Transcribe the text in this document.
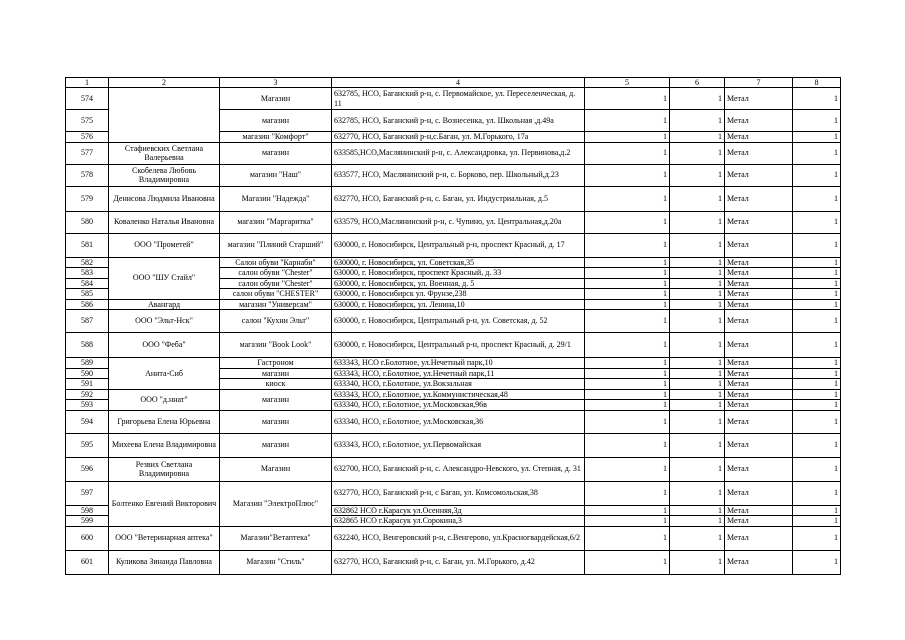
1	2	3	4	5	6	7	8
574		Магазин	632785, НСО, Баганский р-н, с. Первомайское, ул. Переселенческая, д. 11	1	1	Метал	1
575		магазин	632785, НСО, Баганский р-н, с. Вознесенка, ул. Школьная ,д.49а	1	1	Метал	1
576		магазин "Комфорт"	632770, НСО, Баганский р-н,с.Баган, ул. М.Горького, 17а	1	1	Метал	1
577	Стафиевских Светлана Валерьевна	магазин	633585,НСО,Маслянинский р-н, с. Александровка, ул. Первинова,д.2	1	1	Метал	1
578	Скобелева Любовь Владимировна	магазин "Наш"	633577, НСО, Маслянинский р-н, с. Борково, пер. Школьный,д.23	1	1	Метал	1
579	Денисова Людмила Ивановна	Магазин "Надежда"	632770, НСО, Баганский р-н, с. Баган, ул. Индустриальная, д.5	1	1	Метал	1
580	Коваленко Наталья Ивановна	магазин "Маргаритка"	633579, НСО,Маслянинский р-н, с. Чупино, ул. Центральная,д.20а	1	1	Метал	1
581	ООО "Прометей"	магазин "Плиний Старший"	630000, г. Новосибирск, Центральный р-н, проспект Красный, д. 17	1	1	Метал	1
582	ООО "ШУ Стайл"	Салон обуви "Карнаби"	630000, г. Новосибирск, ул. Советская,35	1	1	Метал	1
583		салон обуви "Chester"	630000, г. Новосибирск, проспект Красный, д. 33	1	1	Метал	1
584		салон обуви "Chester"	630000, г. Новосибирск, ул. Военная, д. 5	1	1	Метал	1
585		салон обуви "CHESTER"	630000, г. Новосибирск ул. Фрунзе,238	1	1	Метал	1
586	Авангард	магазин "Универсам"	630000, г. Новосибирск, ул. Ленина,10	1	1	Метал	1
587	ООО "Эльт-Нск"	салон "Кухни Эльт"	630000, г. Новосибирск, Центральный р-н, ул. Советская, д. 52	1	1	Метал	1
588	ООО "Феба"	магазин "Book Look"	630000, г. Новосибирск, Центральный р-н, проспект Красный, д. 29/1	1	1	Метал	1
589	Анита-Сиб	Гастроном	633343, НСО г.Болотное, ул.Нечетный парк,10	1	1	Метал	1
590		магазин	633343, НСО, г.Болотное, ул.Нечетный парк,11	1	1	Метал	1
591		киоск	633340, НСО, г.Болотное, ул.Вокзальная	1	1	Метал	1
592	ООО "д.ннат"	магазин	633343, НСО, г.Болотное, ул.Коммунистическая,48	1	1	Метал	1
593			633340, НСО, г.Болотное, ул.Московская,96в	1	1	Метал	1
594	Григорьева Елена Юрьевна	магазин	633340, НСО, г.Болотное, ул.Московская,36	1	1	Метал	1
595	Михеева Елена Владимировна	магазин	633343, НСО, г.Болотное, ул.Первомайская	1	1	Метал	1
596	Резвих Светлана Владимировна	Магазин	632700, НСО, Баганский р-н, с. Александро-Невского, ул. Степная, д. 31	1	1	Метал	1
597	Болтенко Евгений Викторович	Магазин "ЭлектроПлюс"	632770, НСО, Баганский р-н, с Баган, ул. Комсомольская,38	1	1	Метал	1
598			632862 НСО г.Карасук ул.Осенняя,3д	1	1	Метал	1
599			632865 НСО г.Карасук ул.Сорокина,3	1	1	Метал	1
600	ООО "Ветеринарная аптека"	Магазин"Ветаптека"	632240, НСО, Венгеровский р-н, с.Венгерово, ул.Красногвардейская,6/2	1	1	Метал	1
601	Куликова Зинаида Павловна	Магазин "Стиль"	632770, НСО, Баганский р-н, с. Баган, ул. М.Горького, д.42	1	1	Метал	1
